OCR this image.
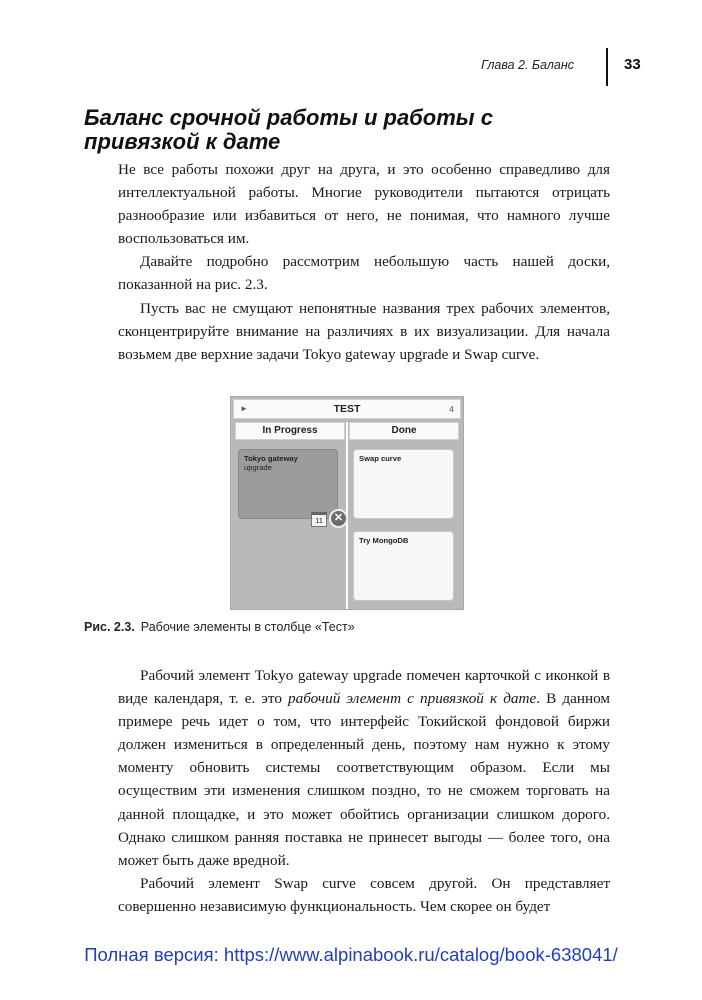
Глава 2. Баланс	33
Баланс срочной работы и работы с привязкой к дате

Не все работы похожи друг на друга, и это особенно справедливо для интеллектуальной работы. Многие руководители пытаются отрицать разнообразие или избавиться от него, не понимая, что намного лучше воспользоваться им.

Давайте подробно рассмотрим небольшую часть нашей доски, показанной на рис. 2.3.

Пусть вас не смущают непонятные названия трех рабочих элементов, сконцентрируйте внимание на различиях в их визуализации. Для начала возьмем две верхние задачи Tokyo gateway upgrade и Swap curve.

►	TEST	4
In Progress	Done
Tokyo gateway
upgrade
11	✕
Swap curve
Try MongoDB
Рис. 2.3. Рабочие элементы в столбце «Тест»

Рабочий элемент Tokyo gateway upgrade помечен карточкой с иконкой в виде календаря, т. е. это рабочий элемент с привязкой к дате. В данном примере речь идет о том, что интерфейс Токийской фондовой биржи должен измениться в определенный день, поэтому нам нужно к этому моменту обновить системы соответствующим образом. Если мы осуществим эти изменения слишком поздно, то не сможем торговать на данной площадке, и это может обойтись организации слишком дорого. Однако слишком ранняя поставка не принесет выгоды — более того, она может быть даже вредной.

Рабочий элемент Swap curve совсем другой. Он представляет совершенно независимую функциональность. Чем скорее он будет

Полная версия: https://www.alpinabook.ru/catalog/book-638041/
